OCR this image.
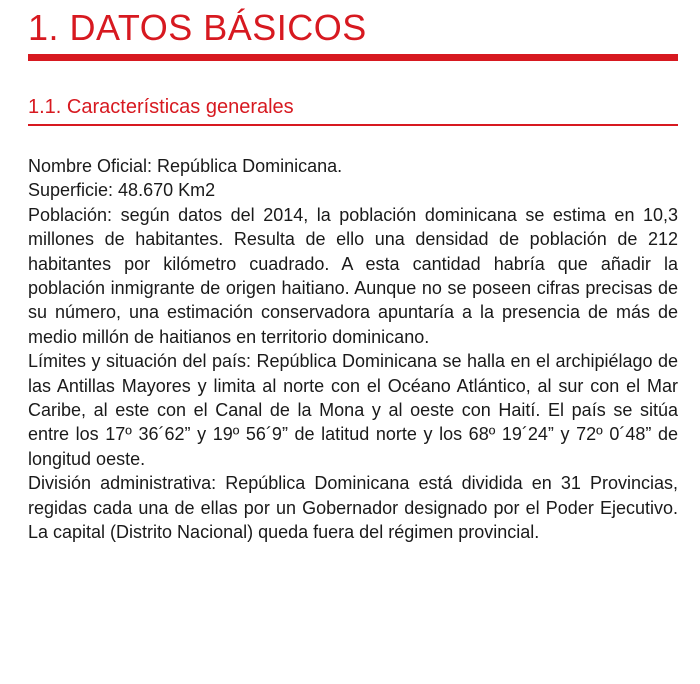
1. DATOS BÁSICOS
1.1. Características generales

Nombre Oficial: República Dominicana.

Superficie: 48.670 Km2

Población: según datos del 2014, la población dominicana se estima en 10,3 millones de habitantes. Resulta de ello una densidad de población de 212 habitantes por kilómetro cuadrado. A esta cantidad habría que añadir la población inmigrante de origen haitiano. Aunque no se poseen cifras precisas de su número, una estimación conservadora apuntaría a la presencia de más de medio millón de haitianos en territorio dominicano.

Límites y situación del país: República Dominicana se halla en el archipiélago de las Antillas Mayores y limita al norte con el Océano Atlántico, al sur con el Mar Caribe, al este con el Canal de la Mona y al oeste con Haití. El país se sitúa entre los 17º 36´62” y 19º 56´9” de latitud norte y los 68º 19´24” y 72º 0´48” de longitud oeste.

División administrativa: República Dominicana está dividida en 31 Provincias, regidas cada una de ellas por un Gobernador designado por el Poder Ejecutivo. La capital (Distrito Nacional) queda fuera del régimen provincial.
